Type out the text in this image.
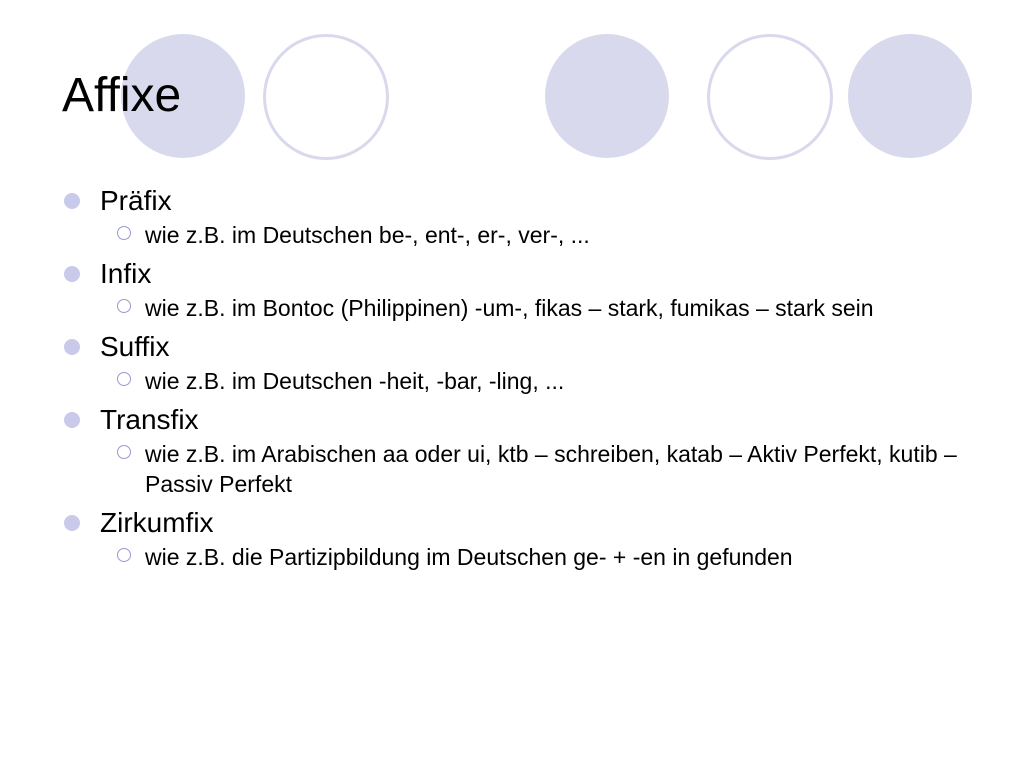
Affixe
Präfix
wie z.B. im Deutschen be-, ent-, er-, ver-, ...
Infix
wie z.B. im Bontoc (Philippinen) -um-, fikas – stark, fumikas – stark sein
Suffix
wie z.B. im Deutschen -heit, -bar, -ling, ...
Transfix
wie z.B. im Arabischen aa oder ui, ktb – schreiben, katab – Aktiv Perfekt, kutib – Passiv Perfekt
Zirkumfix
wie z.B. die Partizipbildung im Deutschen ge- + -en in gefunden
